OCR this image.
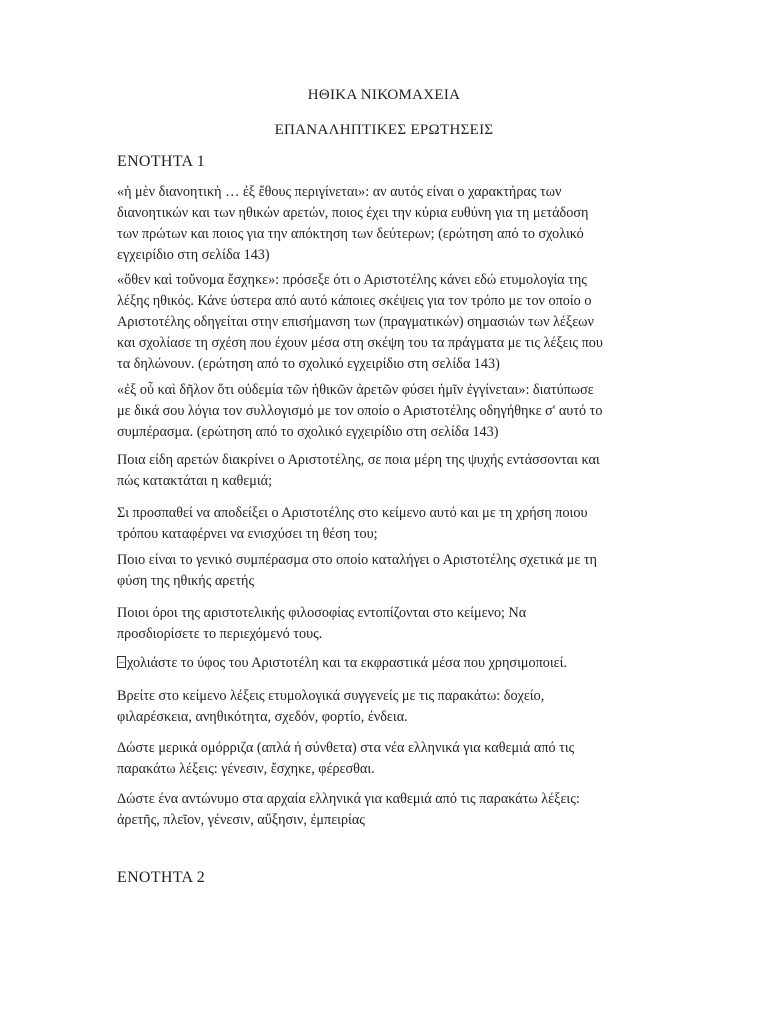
ΗΘΙΚΑ ΝΙΚΟΜΑΧΕΙΑ
ΕΠΑΝΑΛΗΠΤΙΚΕΣ ΕΡΩΤΗΣΕΙΣ
ΕΝΟΤΗΤΑ 1
«ἡ μὲν διανοητικὴ … ἐξ ἔθους περιγίνεται»: αν αυτός είναι ο χαρακτήρας των
διανοητικών και των ηθικών αρετών, ποιος έχει την κύρια ευθύνη για τη μετάδοση
των πρώτων και ποιος για την απόκτηση των δεύτερων; (ερώτηση από το σχολικό
εγχειρίδιο στη σελίδα 143)
«ὅθεν καὶ τοὔνομα ἔσχηκε»: πρόσεξε ότι ο Αριστοτέλης κάνει εδώ ετυμολογία της
λέξης ηθικός. Κάνε ύστερα από αυτό κάποιες σκέψεις για τον τρόπο με τον οποίο ο
Αριστοτέλης οδηγείται στην επισήμανση των (πραγματικών) σημασιών των λέξεων
και σχολίασε τη σχέση που έχουν μέσα στη σκέψη του τα πράγματα με τις λέξεις που
τα δηλώνουν. (ερώτηση από το σχολικό εγχειρίδιο στη σελίδα 143)
«ἐξ οὗ καὶ δῆλον ὅτι οὐδεμία τῶν ἠθικῶν ἀρετῶν φύσει ἡμῖν ἐγγίνεται»: διατύπωσε
με δικά σου λόγια τον συλλογισμό με τον οποίο ο Αριστοτέλης οδηγήθηκε σ' αυτό το
συμπέρασμα. (ερώτηση από το σχολικό εγχειρίδιο στη σελίδα 143)
Ποια είδη αρετών διακρίνει ο Αριστοτέλης, σε ποια μέρη της ψυχής εντάσσονται και
πώς κατακτάται η καθεμιά;
Σι προσπαθεί να αποδείξει ο Αριστοτέλης στο κείμενο αυτό και με τη χρήση ποιου
τρόπου καταφέρνει να ενισχύσει τη θέση του;
Ποιο είναι το γενικό συμπέρασμα στο οποίο καταλήγει ο Αριστοτέλης σχετικά με τη
φύση της ηθικής αρετής
Ποιοι όροι της αριστοτελικής φιλοσοφίας εντοπίζονται στο κείμενο; Να
προσδιορίσετε το περιεχόμενό τους.
χολιάστε το ύφος του Αριστοτέλη και τα εκφραστικά μέσα που χρησιμοποιεί.
Βρείτε στο κείμενο λέξεις ετυμολογικά συγγενείς με τις παρακάτω: δοχείο,
φιλαρέσκεια, ανηθικότητα, σχεδόν, φορτίο, ένδεια.
Δώστε μερικά ομόρριζα (απλά ή σύνθετα) στα νέα ελληνικά για καθεμιά από τις
παρακάτω λέξεις: γένεσιν, ἔσχηκε, φέρεσθαι.
Δώστε ένα αντώνυμο στα αρχαία ελληνικά για καθεμιά από τις παρακάτω λέξεις:
ἀρετῆς, πλεῖον, γένεσιν, αὔξησιν, ἐμπειρίας
ΕΝΟΤΗΤΑ 2
